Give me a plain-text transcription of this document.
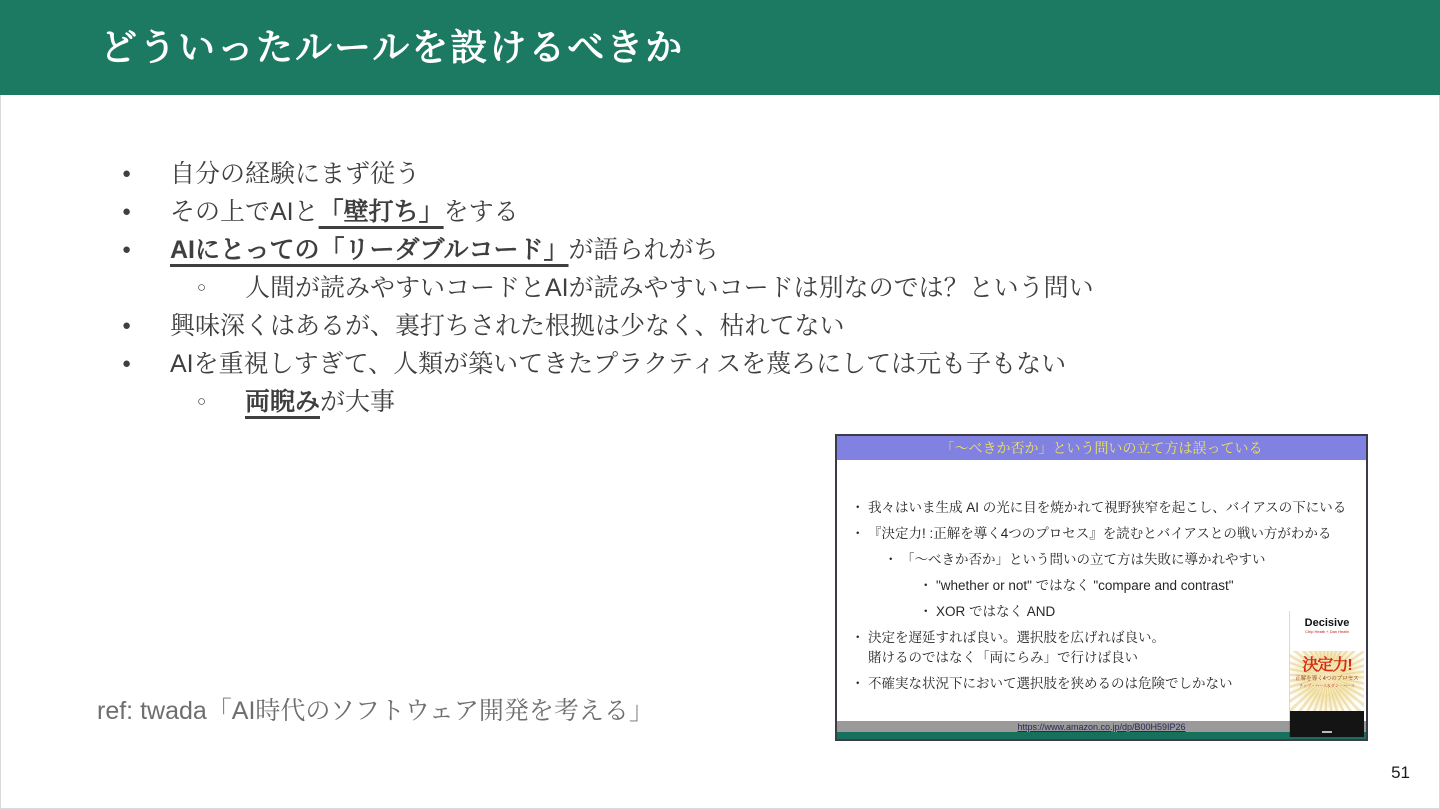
どういったルールを設けるべきか
●	自分の経験にまず従う
●	その上でAIと「壁打ち」をする
●	AIにとっての「リーダブルコード」が語られがち
○	人間が読みやすいコードとAIが読みやすいコードは別なのでは？という問い
●	興味深くはあるが、裏打ちされた根拠は少なく、枯れてない
●	AIを重視しすぎて、人類が築いてきたプラクティスを蔑ろにしては元も子もない
○	両睨みが大事
ref: twada「AI時代のソフトウェア開発を考える」
「～べきか否か」という問いの立て方は誤っている
・ 我々はいま生成 AI の光に目を焼かれて視野狭窄を起こし、バイアスの下にいる
・ 『決定力! :正解を導く4つのプロセス』を読むとバイアスとの戦い方がわかる
・ 「～べきか否か」という問いの立て方は失敗に導かれやすい
・ "whether or not" ではなく "compare and contrast"
・ XOR ではなく AND
・ 決定を遅延すれば良い。選択肢を広げれば良い。
賭けるのではなく「両にらみ」で行けば良い
・ 不確実な状況下において選択肢を狭めるのは危険でしかない
Decisive
Chip Heath + Dan Heath
決定力!
正解を導く4つのプロセス
チップ・ハース＆ダン・ハース
https://www.amazon.co.jp/dp/B00H59IP26
51
